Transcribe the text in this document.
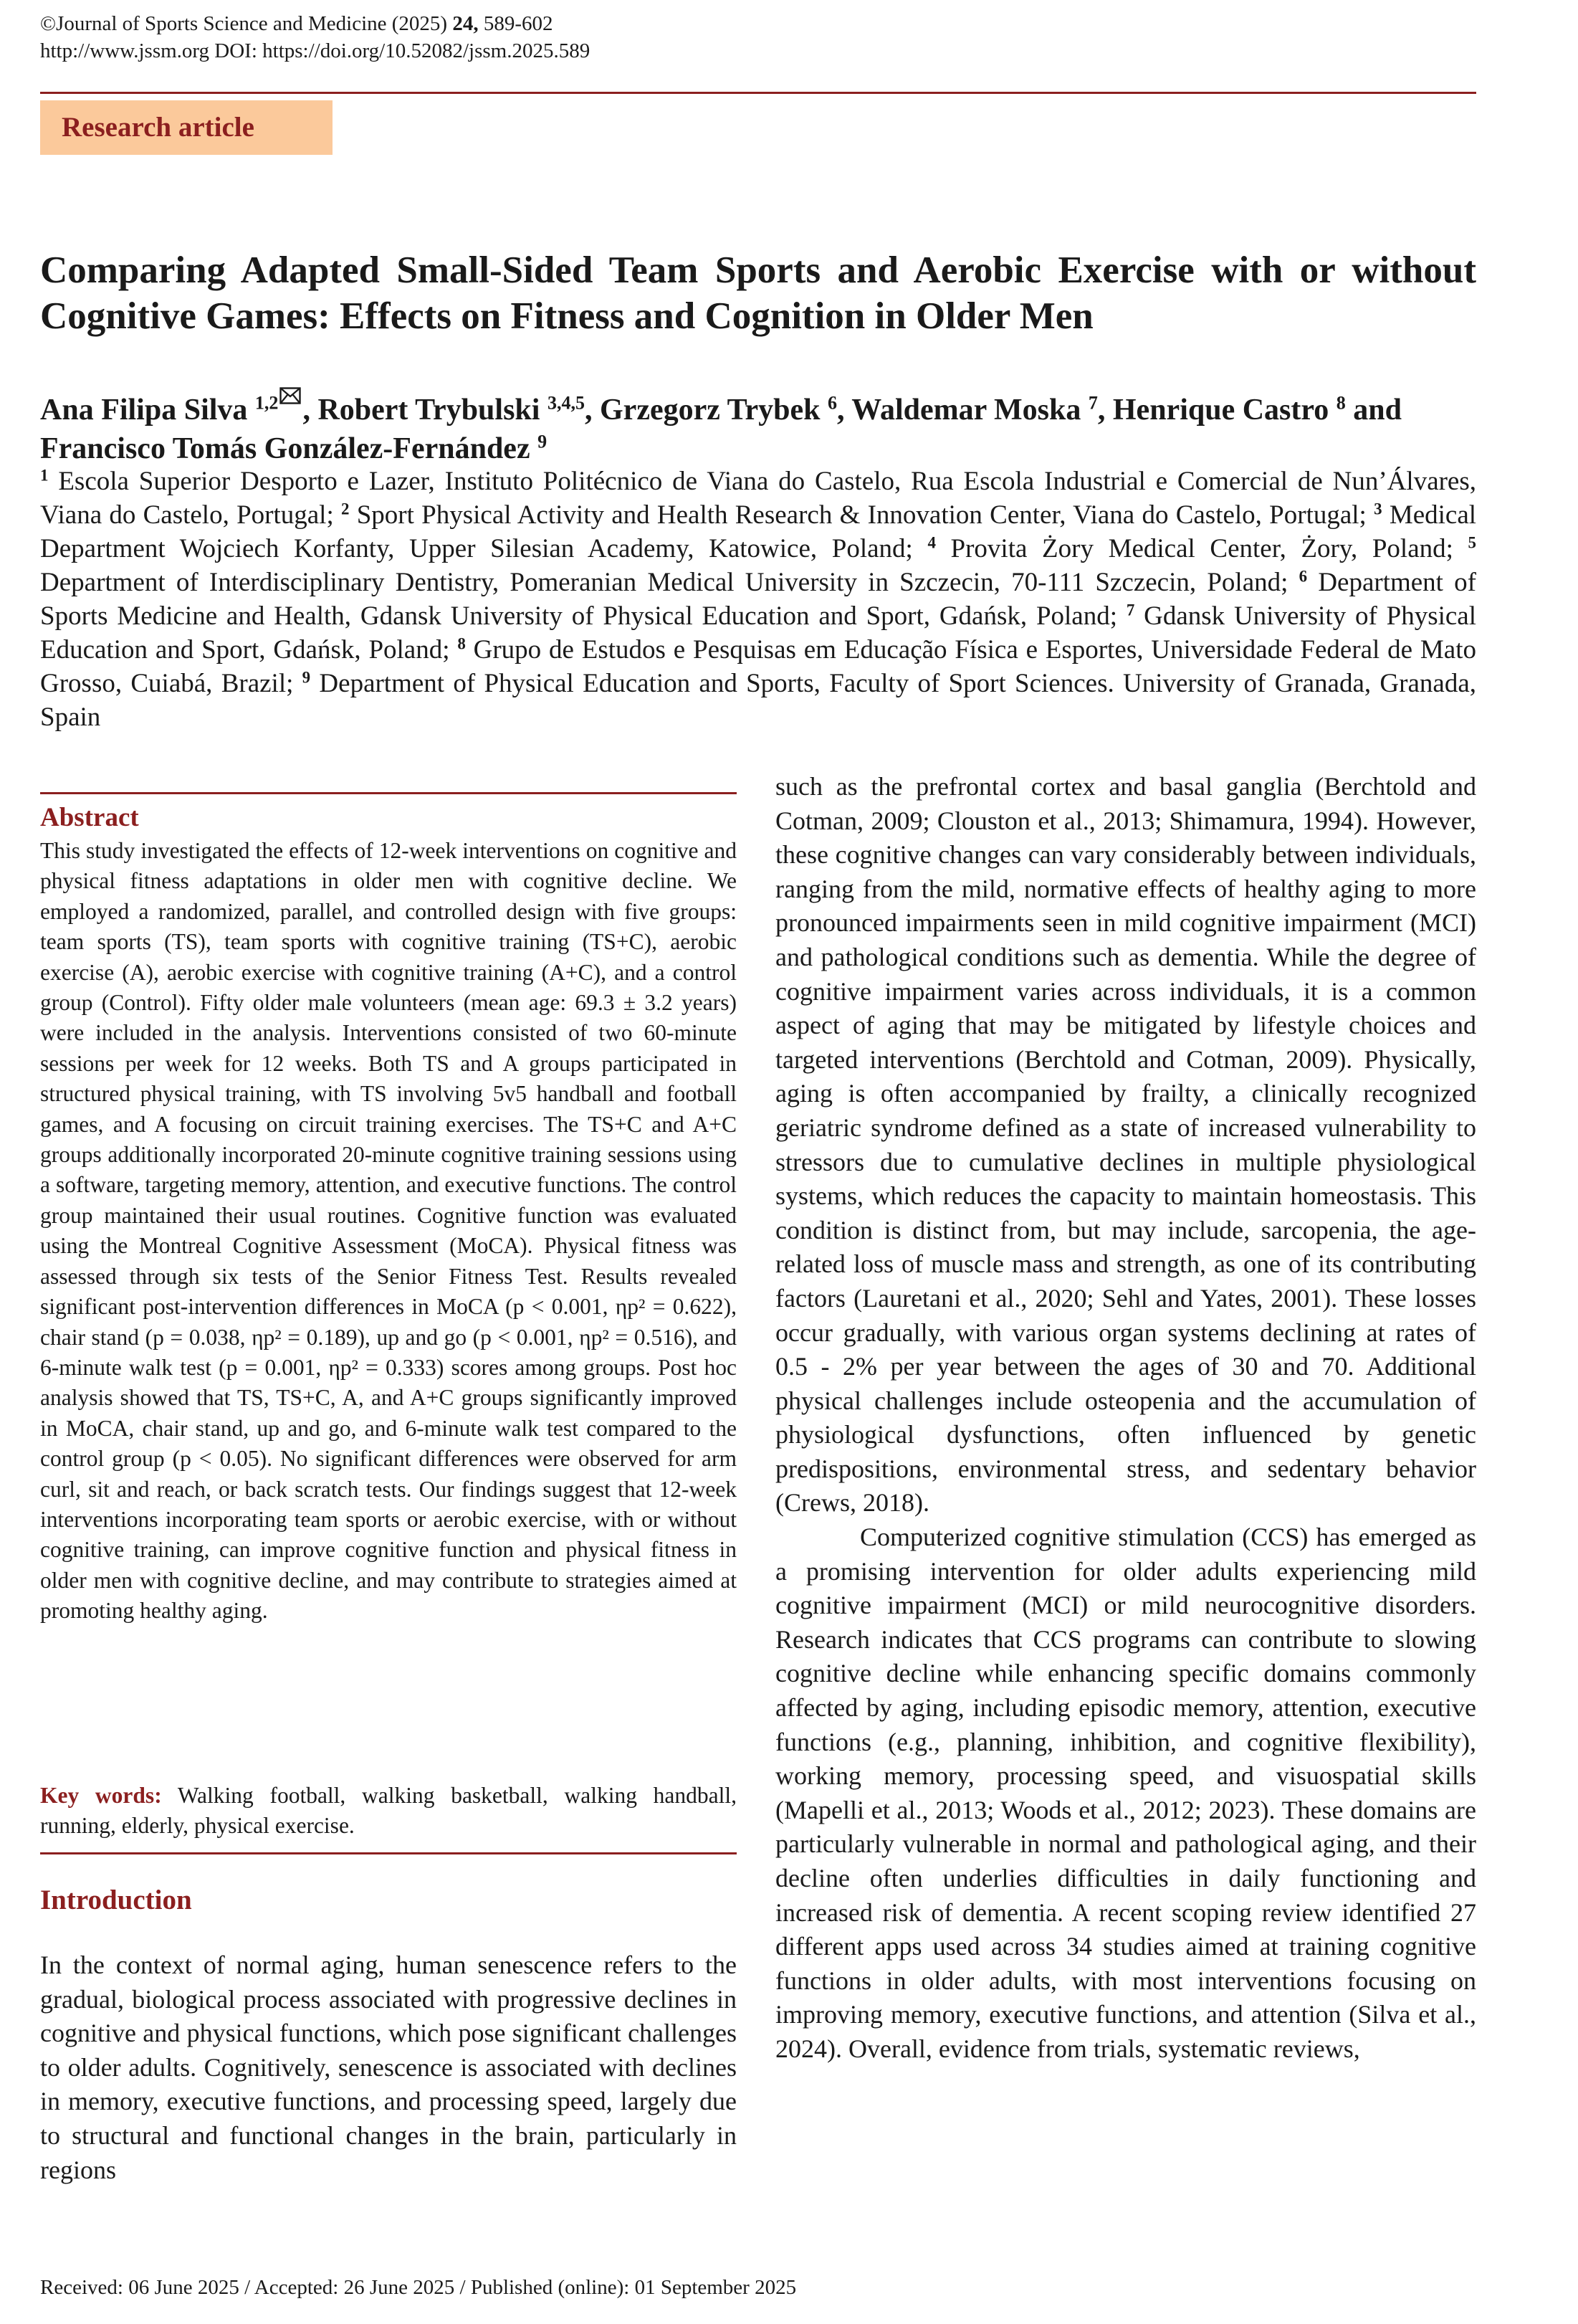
©Journal of Sports Science and Medicine (2025) 24, 589-602
http://www.jssm.org DOI: https://doi.org/10.52082/jssm.2025.589
Research article
Comparing Adapted Small-Sided Team Sports and Aerobic Exercise with or without Cognitive Games: Effects on Fitness and Cognition in Older Men
Ana Filipa Silva $^{1,2}$ , Robert Trybulski $^{3,4,5}$, Grzegorz Trybek $^6$, Waldemar Moska $^7$, Henrique Castro $^8$ and Francisco Tomás González-Fernández $^9$
$^1$ Escola Superior Desporto e Lazer, Instituto Politécnico de Viana do Castelo, Rua Escola Industrial e Comercial de Nun’Álvares, Viana do Castelo, Portugal; $^2$ Sport Physical Activity and Health Research & Innovation Center, Viana do Castelo, Portugal; $^3$ Medical Department Wojciech Korfanty, Upper Silesian Academy, Katowice, Poland; $^4$ Provita Żory Medical Center, Żory, Poland; $^5$ Department of Interdisciplinary Dentistry, Pomeranian Medical University in Szczecin, 70-111 Szczecin, Poland; $^6$ Department of Sports Medicine and Health, Gdansk University of Physical Education and Sport, Gdańsk, Poland; $^7$ Gdansk University of Physical Education and Sport, Gdańsk, Poland; $^8$ Grupo de Estudos e Pesquisas em Educação Física e Esportes, Universidade Federal de Mato Grosso, Cuiabá, Brazil; $^9$ Department of Physical Education and Sports, Faculty of Sport Sciences. University of Granada, Granada, Spain
Abstract
This study investigated the effects of 12-week interventions on cognitive and physical fitness adaptations in older men with cognitive decline. We employed a randomized, parallel, and controlled design with five groups: team sports (TS), team sports with cognitive training (TS+C), aerobic exercise (A), aerobic exercise with cognitive training (A+C), and a control group (Control). Fifty older male volunteers (mean age: 69.3 ± 3.2 years) were included in the analysis. Interventions consisted of two 60-minute sessions per week for 12 weeks. Both TS and A groups participated in structured physical training, with TS involving 5v5 handball and football games, and A focusing on circuit training exercises. The TS+C and A+C groups additionally incorporated 20-minute cognitive training sessions using a software, targeting memory, attention, and executive functions. The control group maintained their usual routines. Cognitive function was evaluated using the Montreal Cognitive Assessment (MoCA). Physical fitness was assessed through six tests of the Senior Fitness Test. Results revealed significant post-intervention differences in MoCA (p < 0.001, ηp² = 0.622), chair stand (p = 0.038, ηp² = 0.189), up and go (p < 0.001, ηp² = 0.516), and 6-minute walk test (p = 0.001, ηp² = 0.333) scores among groups. Post hoc analysis showed that TS, TS+C, A, and A+C groups significantly improved in MoCA, chair stand, up and go, and 6-minute walk test compared to the control group (p < 0.05). No significant differences were observed for arm curl, sit and reach, or back scratch tests. Our findings suggest that 12-week interventions incorporating team sports or aerobic exercise, with or without cognitive training, can improve cognitive function and physical fitness in older men with cognitive decline, and may contribute to strategies aimed at promoting healthy aging.
Key words: Walking football, walking basketball, walking handball, running, elderly, physical exercise.
Introduction
In the context of normal aging, human senescence refers to the gradual, biological process associated with progressive declines in cognitive and physical functions, which pose significant challenges to older adults. Cognitively, senescence is associated with declines in memory, executive functions, and processing speed, largely due to structural and functional changes in the brain, particularly in regions

such as the prefrontal cortex and basal ganglia (Berchtold and Cotman, 2009; Clouston et al., 2013; Shimamura, 1994). However, these cognitive changes can vary considerably between individuals, ranging from the mild, normative effects of healthy aging to more pronounced impairments seen in mild cognitive impairment (MCI) and pathological conditions such as dementia. While the degree of cognitive impairment varies across individuals, it is a common aspect of aging that may be mitigated by lifestyle choices and targeted interventions (Berchtold and Cotman, 2009). Physically, aging is often accompanied by frailty, a clinically recognized geriatric syndrome defined as a state of increased vulnerability to stressors due to cumulative declines in multiple physiological systems, which reduces the capacity to maintain homeostasis. This condition is distinct from, but may include, sarcopenia, the age-related loss of muscle mass and strength, as one of its contributing factors (Lauretani et al., 2020; Sehl and Yates, 2001). These losses occur gradually, with various organ systems declining at rates of 0.5 - 2% per year between the ages of 30 and 70. Additional physical challenges include osteopenia and the accumulation of physiological dysfunctions, often influenced by genetic predispositions, environmental stress, and sedentary behavior (Crews, 2018).

Computerized cognitive stimulation (CCS) has emerged as a promising intervention for older adults experiencing mild cognitive impairment (MCI) or mild neurocognitive disorders. Research indicates that CCS programs can contribute to slowing cognitive decline while enhancing specific domains commonly affected by aging, including episodic memory, attention, executive functions (e.g., planning, inhibition, and cognitive flexibility), working memory, processing speed, and visuospatial skills (Mapelli et al., 2013; Woods et al., 2012; 2023). These domains are particularly vulnerable in normal and pathological aging, and their decline often underlies difficulties in daily functioning and increased risk of dementia. A recent scoping review identified 27 different apps used across 34 studies aimed at training cognitive functions in older adults, with most interventions focusing on improving memory, executive functions, and attention (Silva et al., 2024). Overall, evidence from trials, systematic reviews,

Received: 06 June 2025 / Accepted: 26 June 2025 / Published (online): 01 September 2025
